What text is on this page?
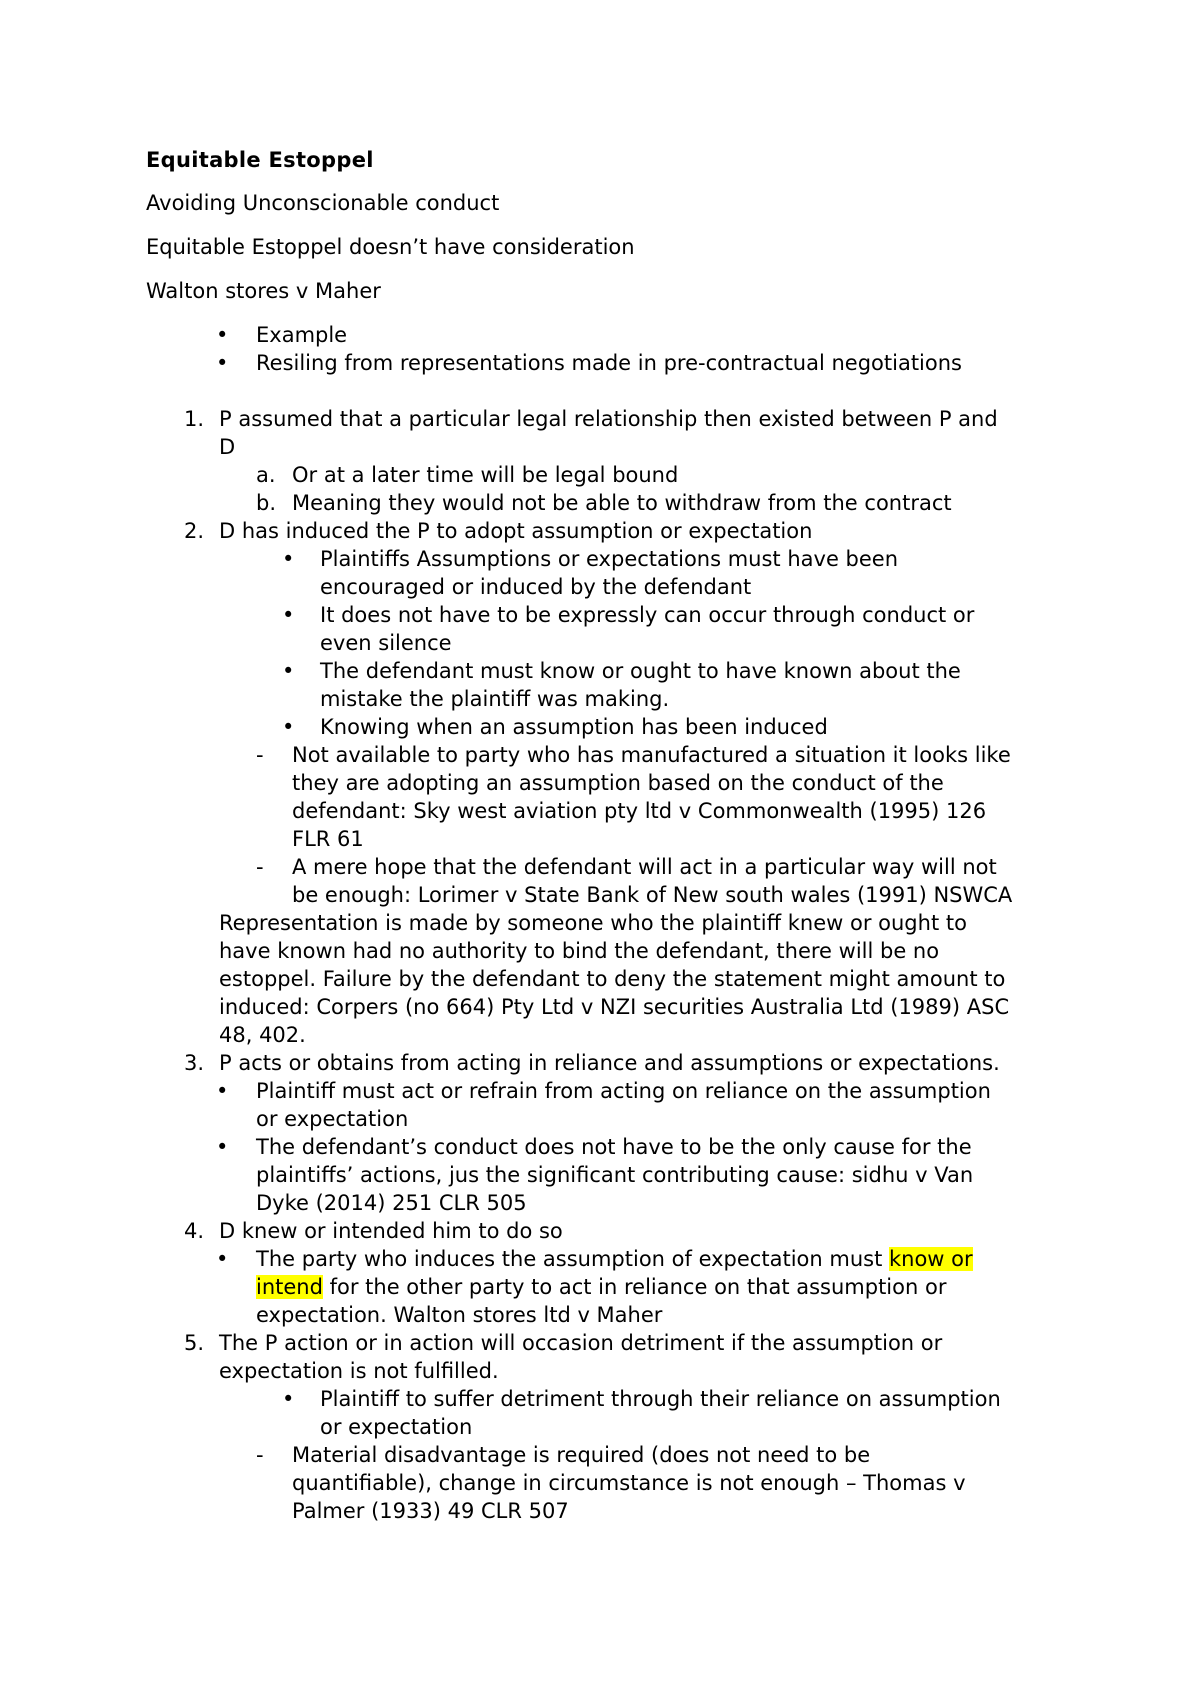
Equitable Estoppel
Avoiding Unconscionable conduct
Equitable Estoppel doesn’t have consideration
Walton stores v Maher
• Example
• Resiling from representations made in pre-contractual negotiations
1. P assumed that a particular legal relationship then existed between P and
D
a. Or at a later time will be legal bound
b. Meaning they would not be able to withdraw from the contract
2. D has induced the P to adopt assumption or expectation
• Plaintiffs Assumptions or expectations must have been
encouraged or induced by the defendant
• It does not have to be expressly can occur through conduct or
even silence
• The defendant must know or ought to have known about the
mistake the plaintiff was making.
• Knowing when an assumption has been induced
- Not available to party who has manufactured a situation it looks like
they are adopting an assumption based on the conduct of the
defendant: Sky west aviation pty ltd v Commonwealth (1995) 126
FLR 61
- A mere hope that the defendant will act in a particular way will not
be enough: Lorimer v State Bank of New south wales (1991) NSWCA
Representation is made by someone who the plaintiff knew or ought to
have known had no authority to bind the defendant, there will be no
estoppel. Failure by the defendant to deny the statement might amount to
induced: Corpers (no 664) Pty Ltd v NZI securities Australia Ltd (1989) ASC
48, 402.
3. P acts or obtains from acting in reliance and assumptions or expectations.
• Plaintiff must act or refrain from acting on reliance on the assumption
or expectation
• The defendant’s conduct does not have to be the only cause for the
plaintiffs’ actions, jus the significant contributing cause: sidhu v Van
Dyke (2014) 251 CLR 505
4. D knew or intended him to do so
• The party who induces the assumption of expectation must know or
intend for the other party to act in reliance on that assumption or
expectation. Walton stores ltd v Maher
5. The P action or in action will occasion detriment if the assumption or
expectation is not fulfilled.
• Plaintiff to suffer detriment through their reliance on assumption
or expectation
- Material disadvantage is required (does not need to be
quantifiable), change in circumstance is not enough – Thomas v
Palmer (1933) 49 CLR 507
